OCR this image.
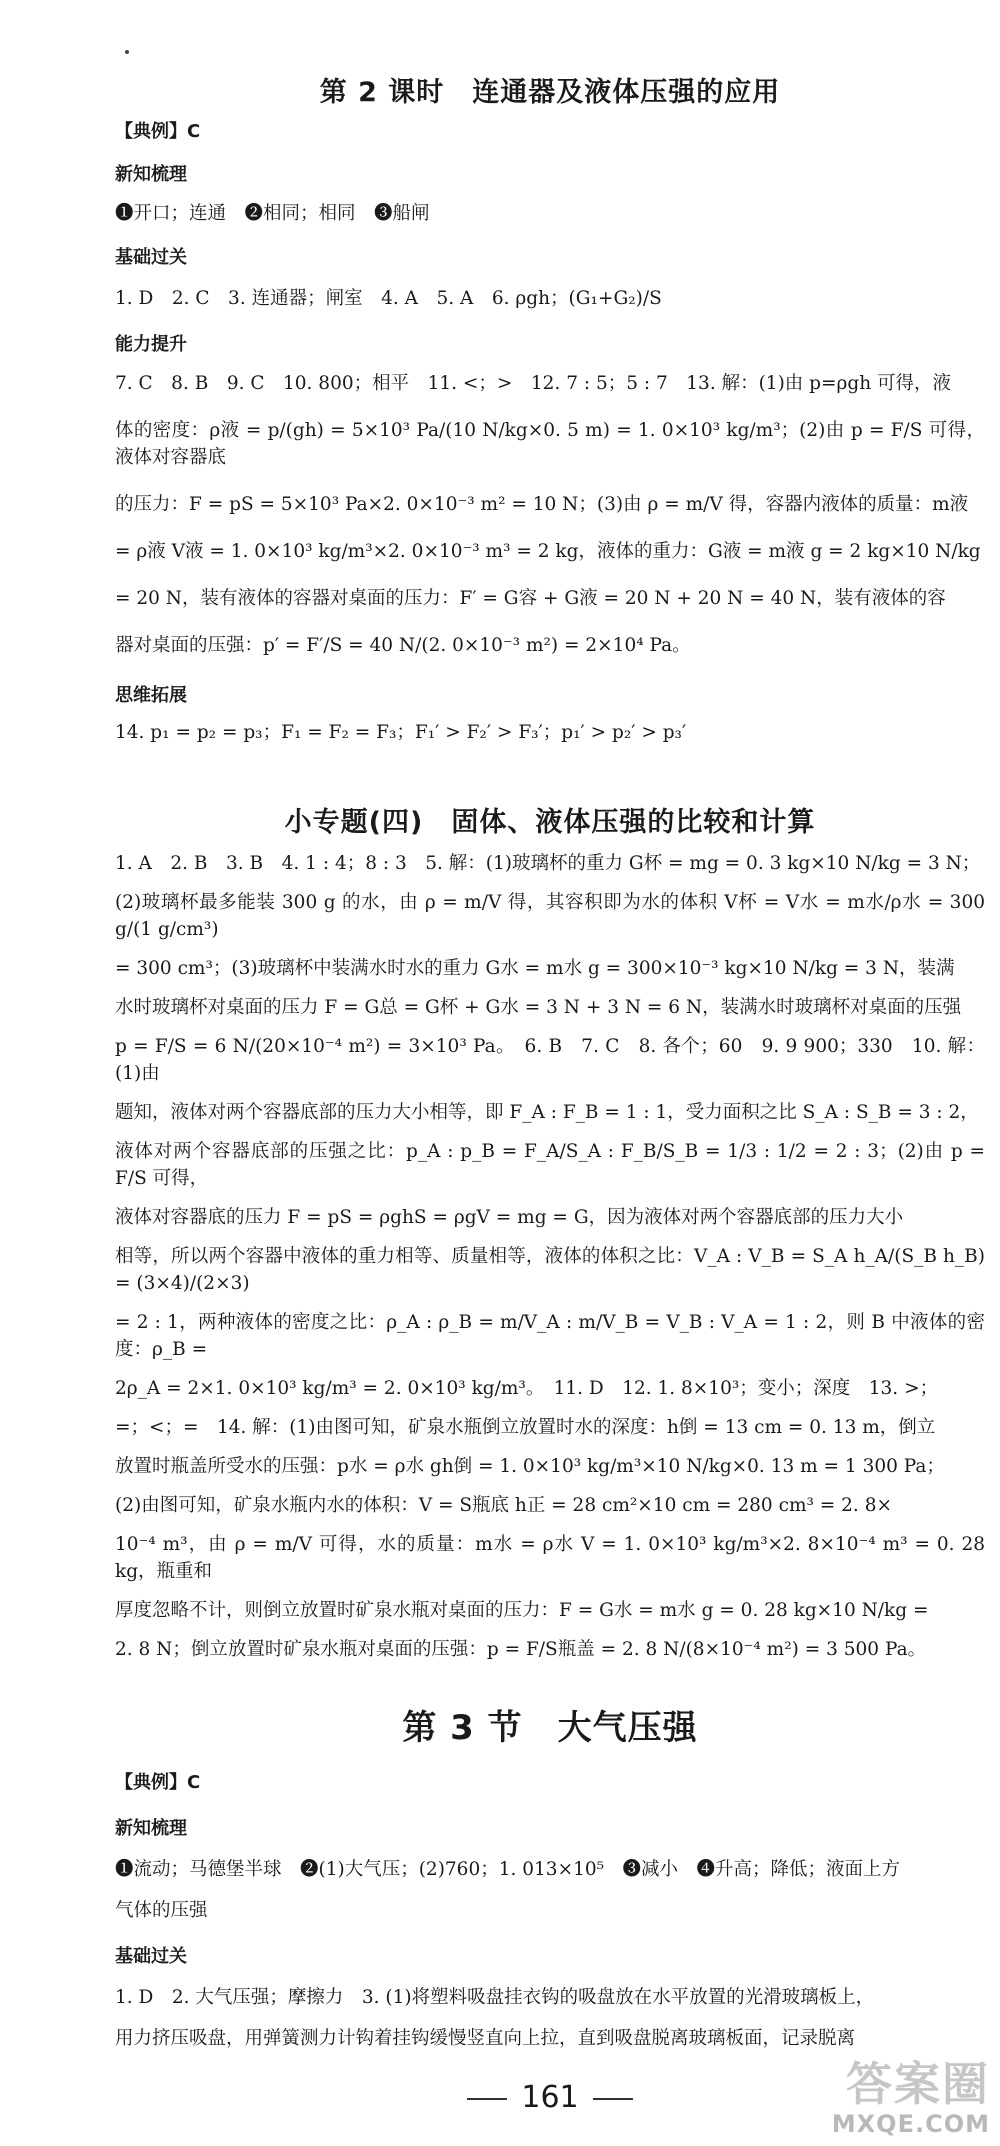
第 2 课时　连通器及液体压强的应用

【典例】C

新知梳理

❶开口；连通　❷相同；相同　❸船闸

基础过关

1. D　2. C　3. 连通器；闸室　4. A　5. A　6. ρgh；(G₁+G₂)/S

能力提升

7. C　8. B　9. C　10. 800；相平　11. <；>　12. 7 : 5；5 : 7　13. 解：(1)由 p=ρgh 可得，液

体的密度：ρ液 = p/(gh) = 5×10³ Pa/(10 N/kg×0. 5 m) = 1. 0×10³ kg/m³；(2)由 p = F/S 可得，液体对容器底

的压力：F = pS = 5×10³ Pa×2. 0×10⁻³ m² = 10 N；(3)由 ρ = m/V 得，容器内液体的质量：m液

= ρ液 V液 = 1. 0×10³ kg/m³×2. 0×10⁻³ m³ = 2 kg，液体的重力：G液 = m液 g = 2 kg×10 N/kg

= 20 N，装有液体的容器对桌面的压力：F′ = G容 + G液 = 20 N + 20 N = 40 N，装有液体的容

器对桌面的压强：p′ = F′/S = 40 N/(2. 0×10⁻³ m²) = 2×10⁴ Pa。

思维拓展

14. p₁ = p₂ = p₃；F₁ = F₂ = F₃；F₁′ > F₂′ > F₃′；p₁′ > p₂′ > p₃′

小专题(四)　固体、液体压强的比较和计算

1. A　2. B　3. B　4. 1 : 4；8 : 3　5. 解：(1)玻璃杯的重力 G杯 = mg = 0. 3 kg×10 N/kg = 3 N；

(2)玻璃杯最多能装 300 g 的水，由 ρ = m/V 得，其容积即为水的体积 V杯 = V水 = m水/ρ水 = 300 g/(1 g/cm³)

= 300 cm³；(3)玻璃杯中装满水时水的重力 G水 = m水 g = 300×10⁻³ kg×10 N/kg = 3 N，装满

水时玻璃杯对桌面的压力 F = G总 = G杯 + G水 = 3 N + 3 N = 6 N，装满水时玻璃杯对桌面的压强

p = F/S = 6 N/(20×10⁻⁴ m²) = 3×10³ Pa。　6. B　7. C　8. 各个；60　9. 9 900；330　10. 解：(1)由

题知，液体对两个容器底部的压力大小相等，即 F_A : F_B = 1 : 1，受力面积之比 S_A : S_B = 3 : 2，

液体对两个容器底部的压强之比：p_A : p_B = F_A/S_A : F_B/S_B = 1/3 : 1/2 = 2 : 3；(2)由 p = F/S 可得，

液体对容器底的压力 F = pS = ρghS = ρgV = mg = G，因为液体对两个容器底部的压力大小

相等，所以两个容器中液体的重力相等、质量相等，液体的体积之比：V_A : V_B = S_A h_A/(S_B h_B) = (3×4)/(2×3)

= 2 : 1，两种液体的密度之比：ρ_A : ρ_B = m/V_A : m/V_B = V_B : V_A = 1 : 2，则 B 中液体的密度：ρ_B =

2ρ_A = 2×1. 0×10³ kg/m³ = 2. 0×10³ kg/m³。　11. D　12. 1. 8×10³；变小；深度　13. >；

=；<；=　14. 解：(1)由图可知，矿泉水瓶倒立放置时水的深度：h倒 = 13 cm = 0. 13 m，倒立

放置时瓶盖所受水的压强：p水 = ρ水 gh倒 = 1. 0×10³ kg/m³×10 N/kg×0. 13 m = 1 300 Pa；

(2)由图可知，矿泉水瓶内水的体积：V = S瓶底 h正 = 28 cm²×10 cm = 280 cm³ = 2. 8×

10⁻⁴ m³，由 ρ = m/V 可得，水的质量：m水 = ρ水 V = 1. 0×10³ kg/m³×2. 8×10⁻⁴ m³ = 0. 28 kg，瓶重和

厚度忽略不计，则倒立放置时矿泉水瓶对桌面的压力：F = G水 = m水 g = 0. 28 kg×10 N/kg =

2. 8 N；倒立放置时矿泉水瓶对桌面的压强：p = F/S瓶盖 = 2. 8 N/(8×10⁻⁴ m²) = 3 500 Pa。

第 3 节　大气压强

【典例】C

新知梳理

❶流动；马德堡半球　❷(1)大气压；(2)760；1. 013×10⁵　❸减小　❹升高；降低；液面上方

气体的压强

基础过关

1. D　2. 大气压强；摩擦力　3. (1)将塑料吸盘挂衣钩的吸盘放在水平放置的光滑玻璃板上，

用力挤压吸盘，用弹簧测力计钩着挂钩缓慢竖直向上拉，直到吸盘脱离玻璃板面，记录脱离

161	答案圈
MXQE.COM
